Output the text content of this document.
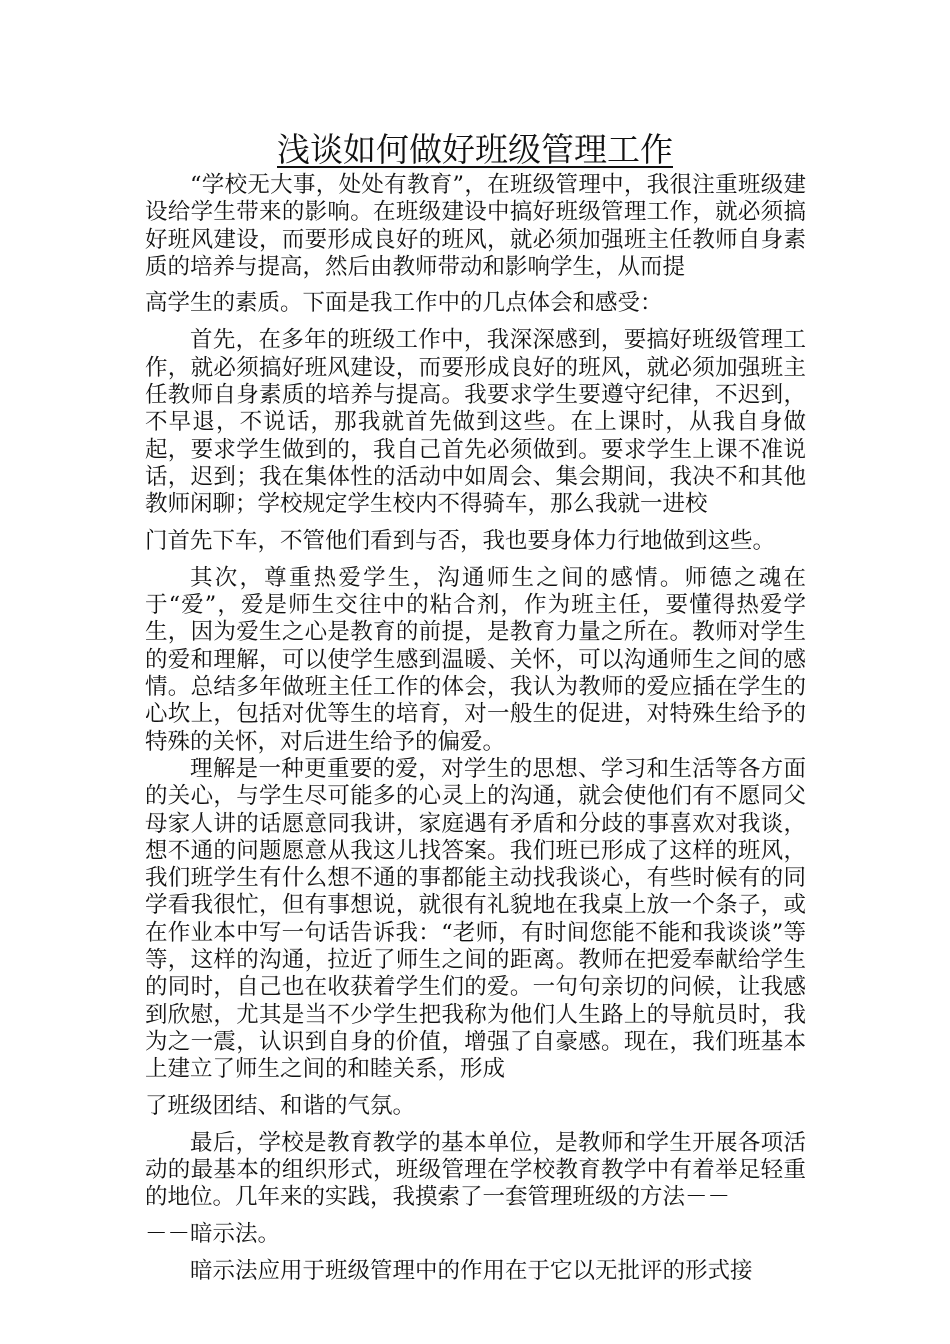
浅谈如何做好班级管理工作

“学校无大事，处处有教育”，在班级管理中，我很注重班级建设给学生带来的影响。在班级建设中搞好班级管理工作，就必须搞好班风建设，而要形成良好的班风，就必须加强班主任教师自身素质的培养与提高，然后由教师带动和影响学生，从而提
高学生的素质。下面是我工作中的几点体会和感受：

首先，在多年的班级工作中，我深深感到，要搞好班级管理工作，就必须搞好班风建设，而要形成良好的班风，就必须加强班主任教师自身素质的培养与提高。我要求学生要遵守纪律，不迟到，不早退，不说话，那我就首先做到这些。在上课时，从我自身做起，要求学生做到的，我自己首先必须做到。要求学生上课不准说话，迟到；我在集体性的活动中如周会、集会期间，我决不和其他教师闲聊；学校规定学生校内不得骑车，那么我就一进校
门首先下车，不管他们看到与否，我也要身体力行地做到这些。

其次，尊重热爱学生，沟通师生之间的感情。师德之魂在于“爱”，爱是师生交往中的粘合剂，作为班主任，要懂得热爱学生，因为爱生之心是教育的前提，是教育力量之所在。教师对学生的爱和理解，可以使学生感到温暖、关怀，可以沟通师生之间的感情。总结多年做班主任工作的体会，我认为教师的爱应插在学生的心坎上，包括对优等生的培育，对一般生的促进，对特殊生给予的特殊的关怀，对后进生给予的偏爱。

理解是一种更重要的爱，对学生的思想、学习和生活等各方面的关心，与学生尽可能多的心灵上的沟通，就会使他们有不愿同父母家人讲的话愿意同我讲，家庭遇有矛盾和分歧的事喜欢对我谈，想不通的问题愿意从我这儿找答案。我们班已形成了这样的班风，我们班学生有什么想不通的事都能主动找我谈心，有些时候有的同学看我很忙，但有事想说，就很有礼貌地在我桌上放一个条子，或在作业本中写一句话告诉我：“老师，有时间您能不能和我谈谈”等等，这样的沟通，拉近了师生之间的距离。教师在把爱奉献给学生的同时，自己也在收获着学生们的爱。一句句亲切的问候，让我感到欣慰，尤其是当不少学生把我称为他们人生路上的导航员时，我为之一震，认识到自身的价值，增强了自豪感。现在，我们班基本上建立了师生之间的和睦关系，形成
了班级团结、和谐的气氛。

最后，学校是教育教学的基本单位，是教师和学生开展各项活动的最基本的组织形式，班级管理在学校教育教学中有着举足轻重的地位。几年来的实践，我摸索了一套管理班级的方法－－
－－暗示法。

暗示法应用于班级管理中的作用在于它以无批评的形式接
